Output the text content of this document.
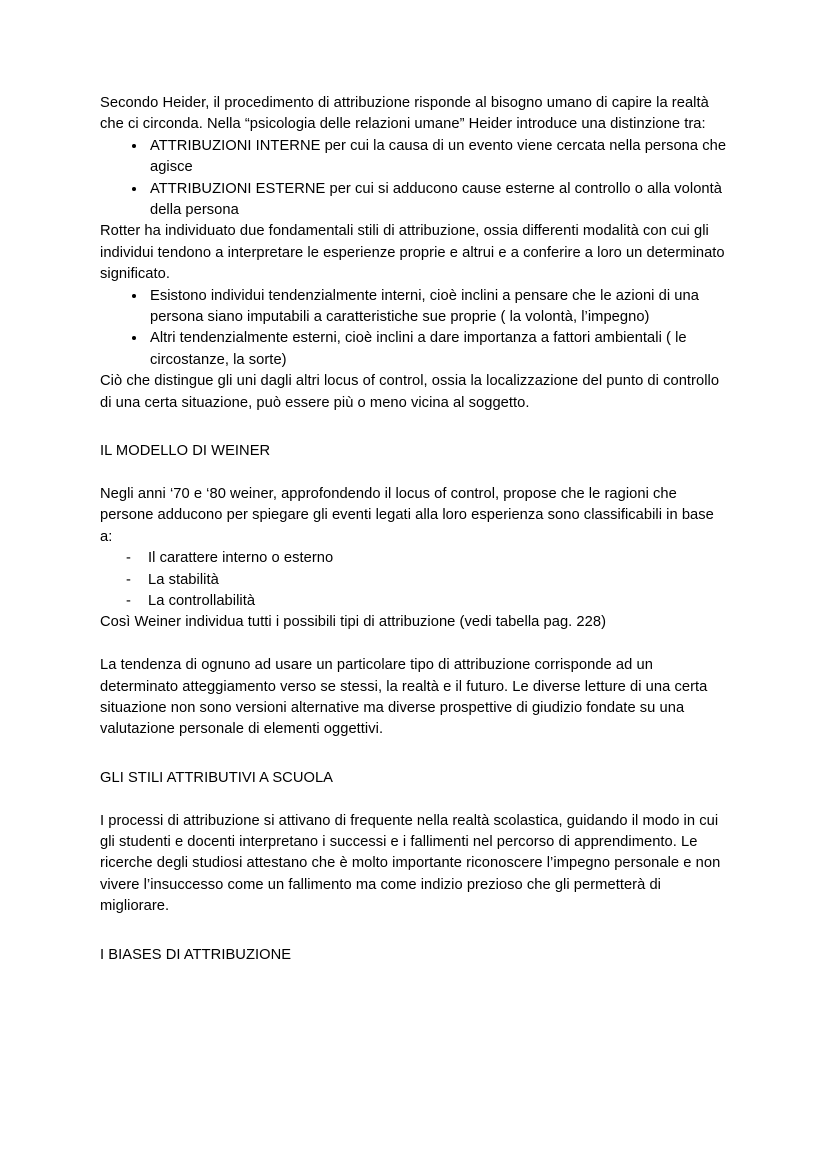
Secondo Heider, il procedimento di attribuzione risponde al bisogno umano di capire la realtà che ci circonda. Nella “psicologia delle relazioni umane” Heider introduce una distinzione tra:

• ATTRIBUZIONI INTERNE per cui la causa di un evento viene cercata nella persona che agisce
• ATTRIBUZIONI ESTERNE per cui si adducono cause esterne al controllo o alla volontà della persona

Rotter ha individuato due fondamentali stili di attribuzione, ossia differenti modalità con cui gli individui tendono a interpretare le esperienze proprie e altrui e a conferire a loro un determinato significato.

• Esistono individui tendenzialmente interni, cioè inclini a pensare che le azioni di una persona siano imputabili a caratteristiche sue proprie ( la volontà, l’impegno)
• Altri tendenzialmente esterni, cioè inclini a dare importanza a fattori ambientali ( le circostanze, la sorte)

Ciò che distingue gli uni dagli altri locus of control, ossia la localizzazione del punto di controllo di una certa situazione, può essere più o meno vicina al soggetto.

IL MODELLO DI WEINER

Negli anni ‘70 e ‘80 weiner, approfondendo il locus of control, propose che le ragioni che persone adducono per spiegare gli eventi legati alla loro esperienza sono classificabili in base a:

- Il carattere interno o esterno
- La stabilità
- La controllabilità

Così Weiner individua tutti i possibili tipi di attribuzione (vedi tabella pag. 228)

La tendenza di ognuno ad usare un particolare tipo di attribuzione corrisponde ad un determinato atteggiamento verso se stessi, la realtà e il futuro. Le diverse letture di una certa situazione non sono versioni alternative ma diverse prospettive di giudizio fondate su una valutazione personale di elementi oggettivi.

GLI STILI ATTRIBUTIVI A SCUOLA

I processi di attribuzione si attivano di frequente nella realtà scolastica, guidando il modo in cui gli studenti e docenti interpretano i successi e i fallimenti nel percorso di apprendimento. Le ricerche degli studiosi attestano che è molto importante riconoscere l’impegno personale e non vivere l’insuccesso come un fallimento ma come indizio prezioso che gli permetterà di migliorare.

I BIASES DI ATTRIBUZIONE
